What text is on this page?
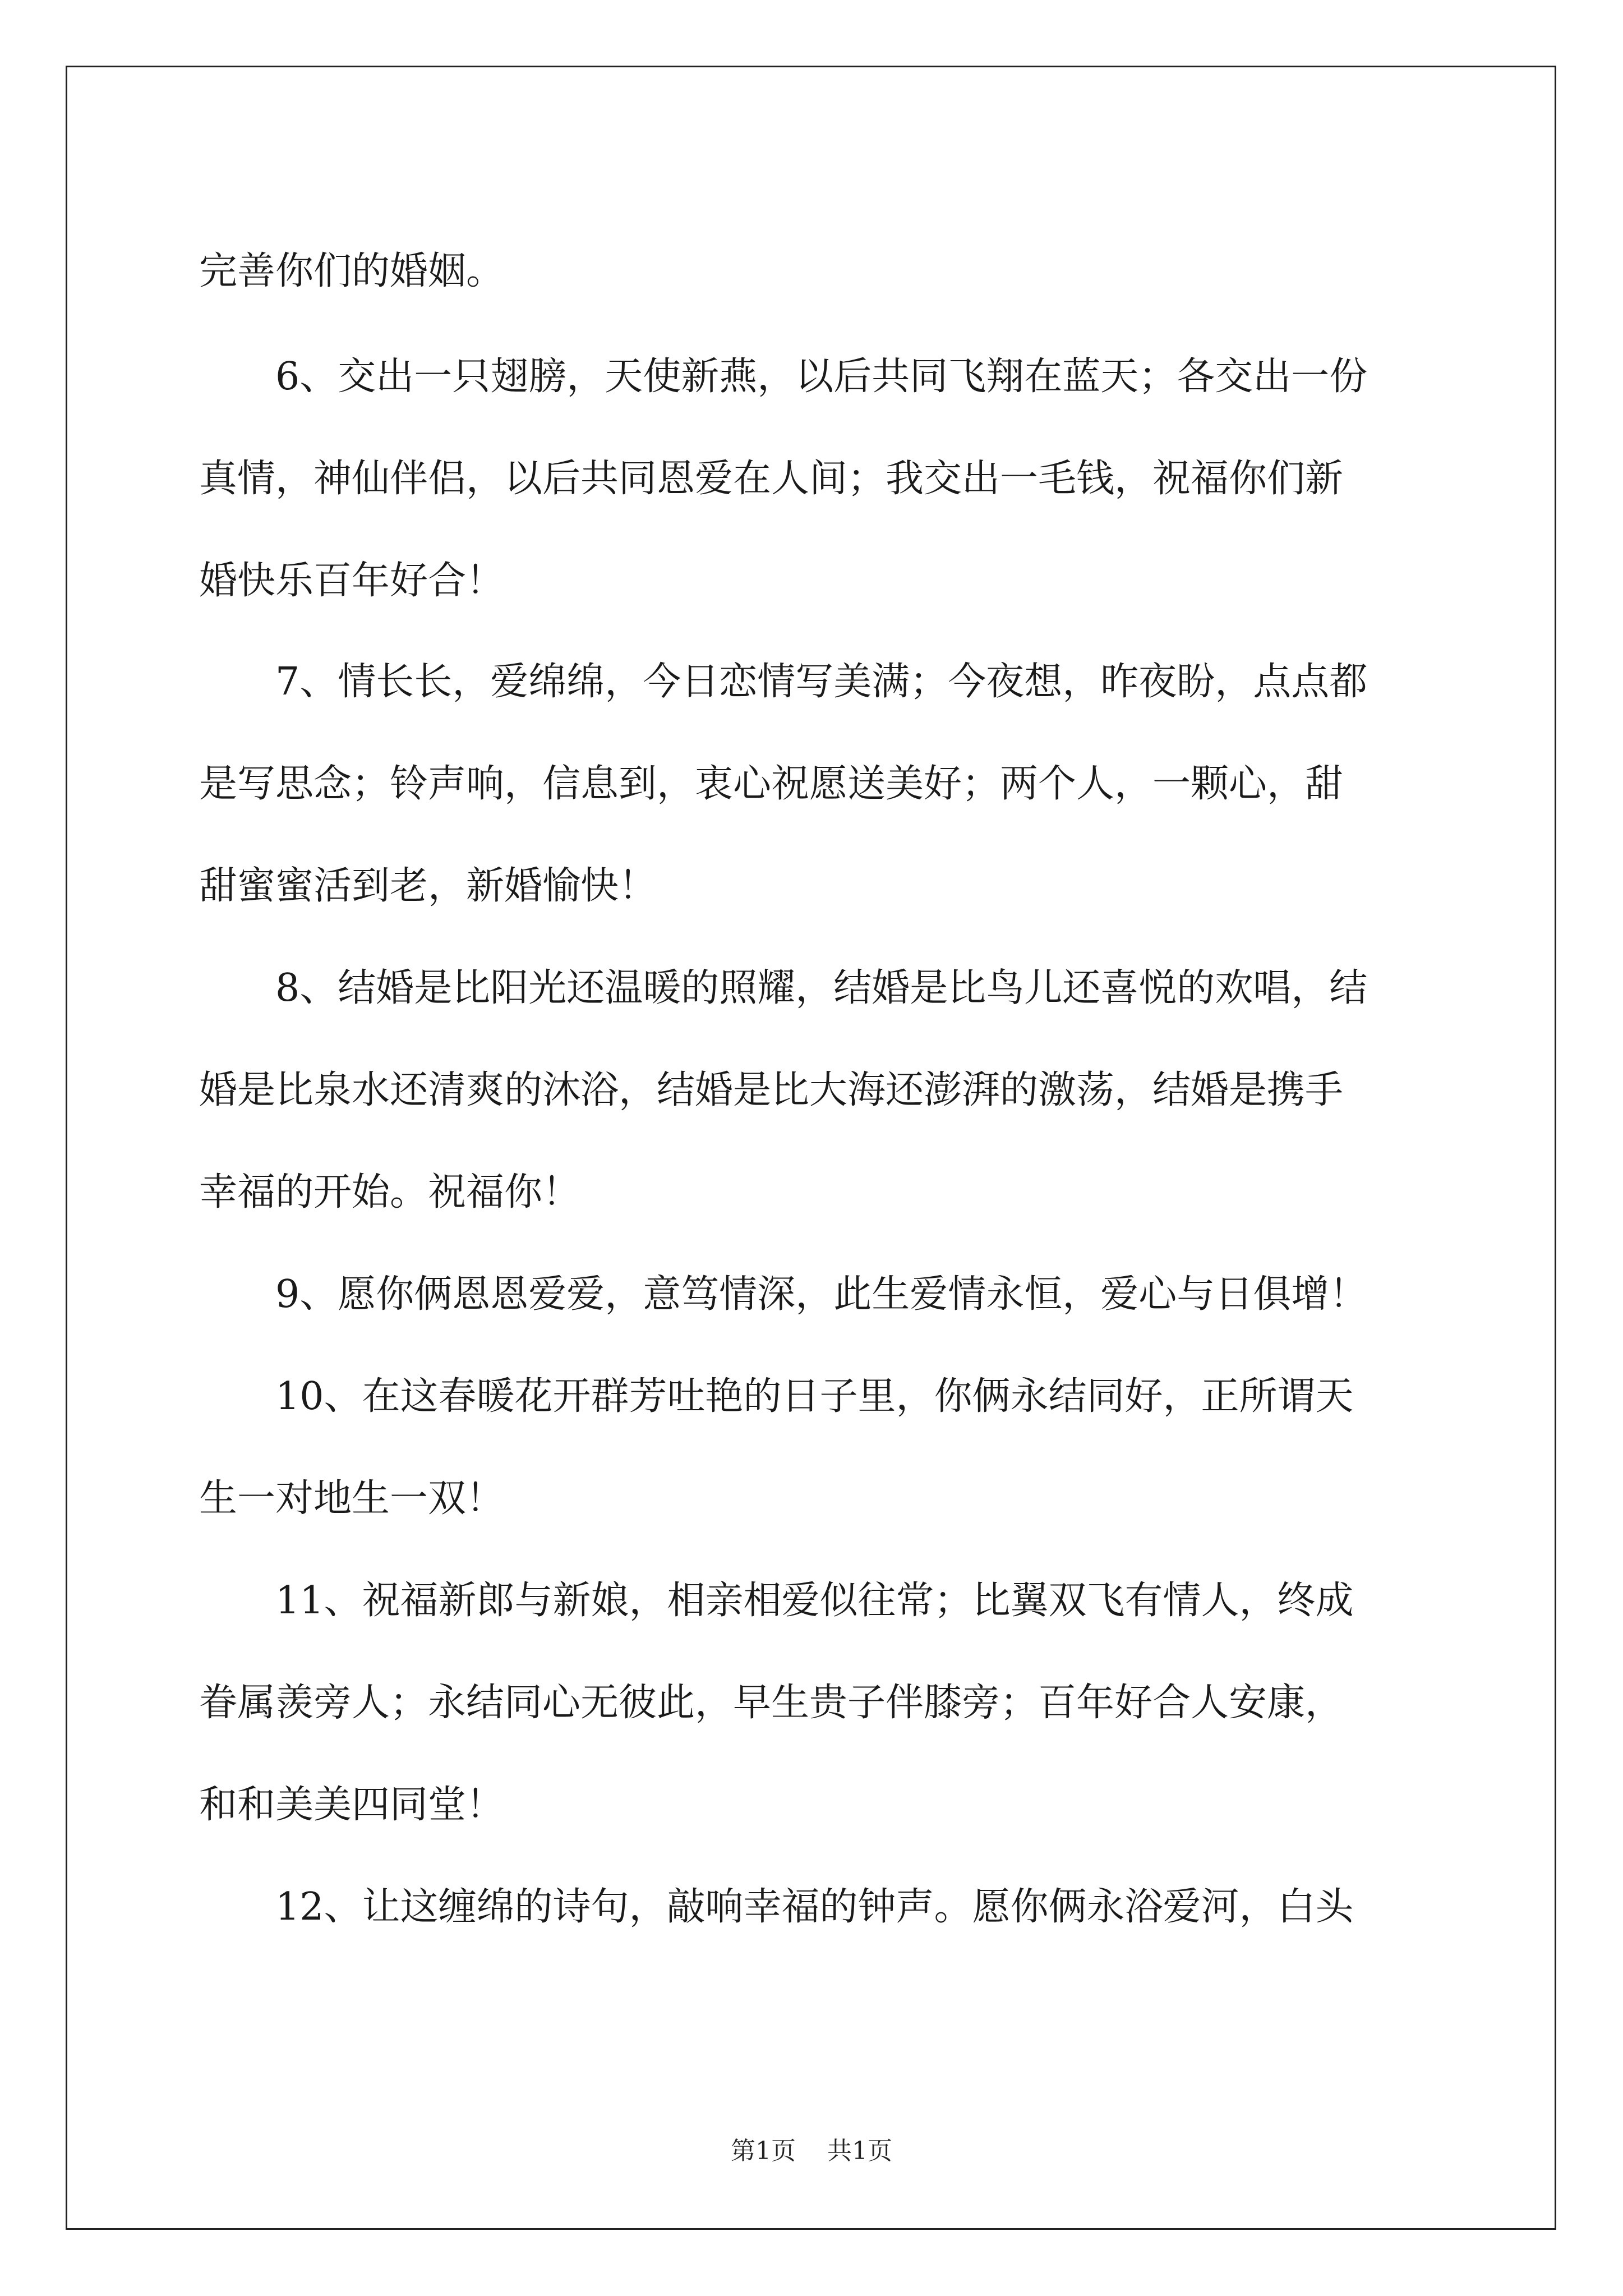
完善你们的婚姻。
6、交出一只翅膀，天使新燕，以后共同飞翔在蓝天；各交出一份
真情，神仙伴侣，以后共同恩爱在人间；我交出一毛钱，祝福你们新
婚快乐百年好合！
7、情长长，爱绵绵，今日恋情写美满；今夜想，昨夜盼，点点都
是写思念；铃声响，信息到，衷心祝愿送美好；两个人，一颗心，甜
甜蜜蜜活到老，新婚愉快！
8、结婚是比阳光还温暖的照耀，结婚是比鸟儿还喜悦的欢唱，结
婚是比泉水还清爽的沐浴，结婚是比大海还澎湃的激荡，结婚是携手
幸福的开始。祝福你！
9、愿你俩恩恩爱爱，意笃情深，此生爱情永恒，爱心与日俱增！
10、在这春暖花开群芳吐艳的日子里，你俩永结同好，正所谓天
生一对地生一双！
11、祝福新郎与新娘，相亲相爱似往常；比翼双飞有情人，终成
眷属羡旁人；永结同心无彼此，早生贵子伴膝旁；百年好合人安康，
和和美美四同堂！
12、让这缠绵的诗句，敲响幸福的钟声。愿你俩永浴爱河，白头
第1页 共1页
